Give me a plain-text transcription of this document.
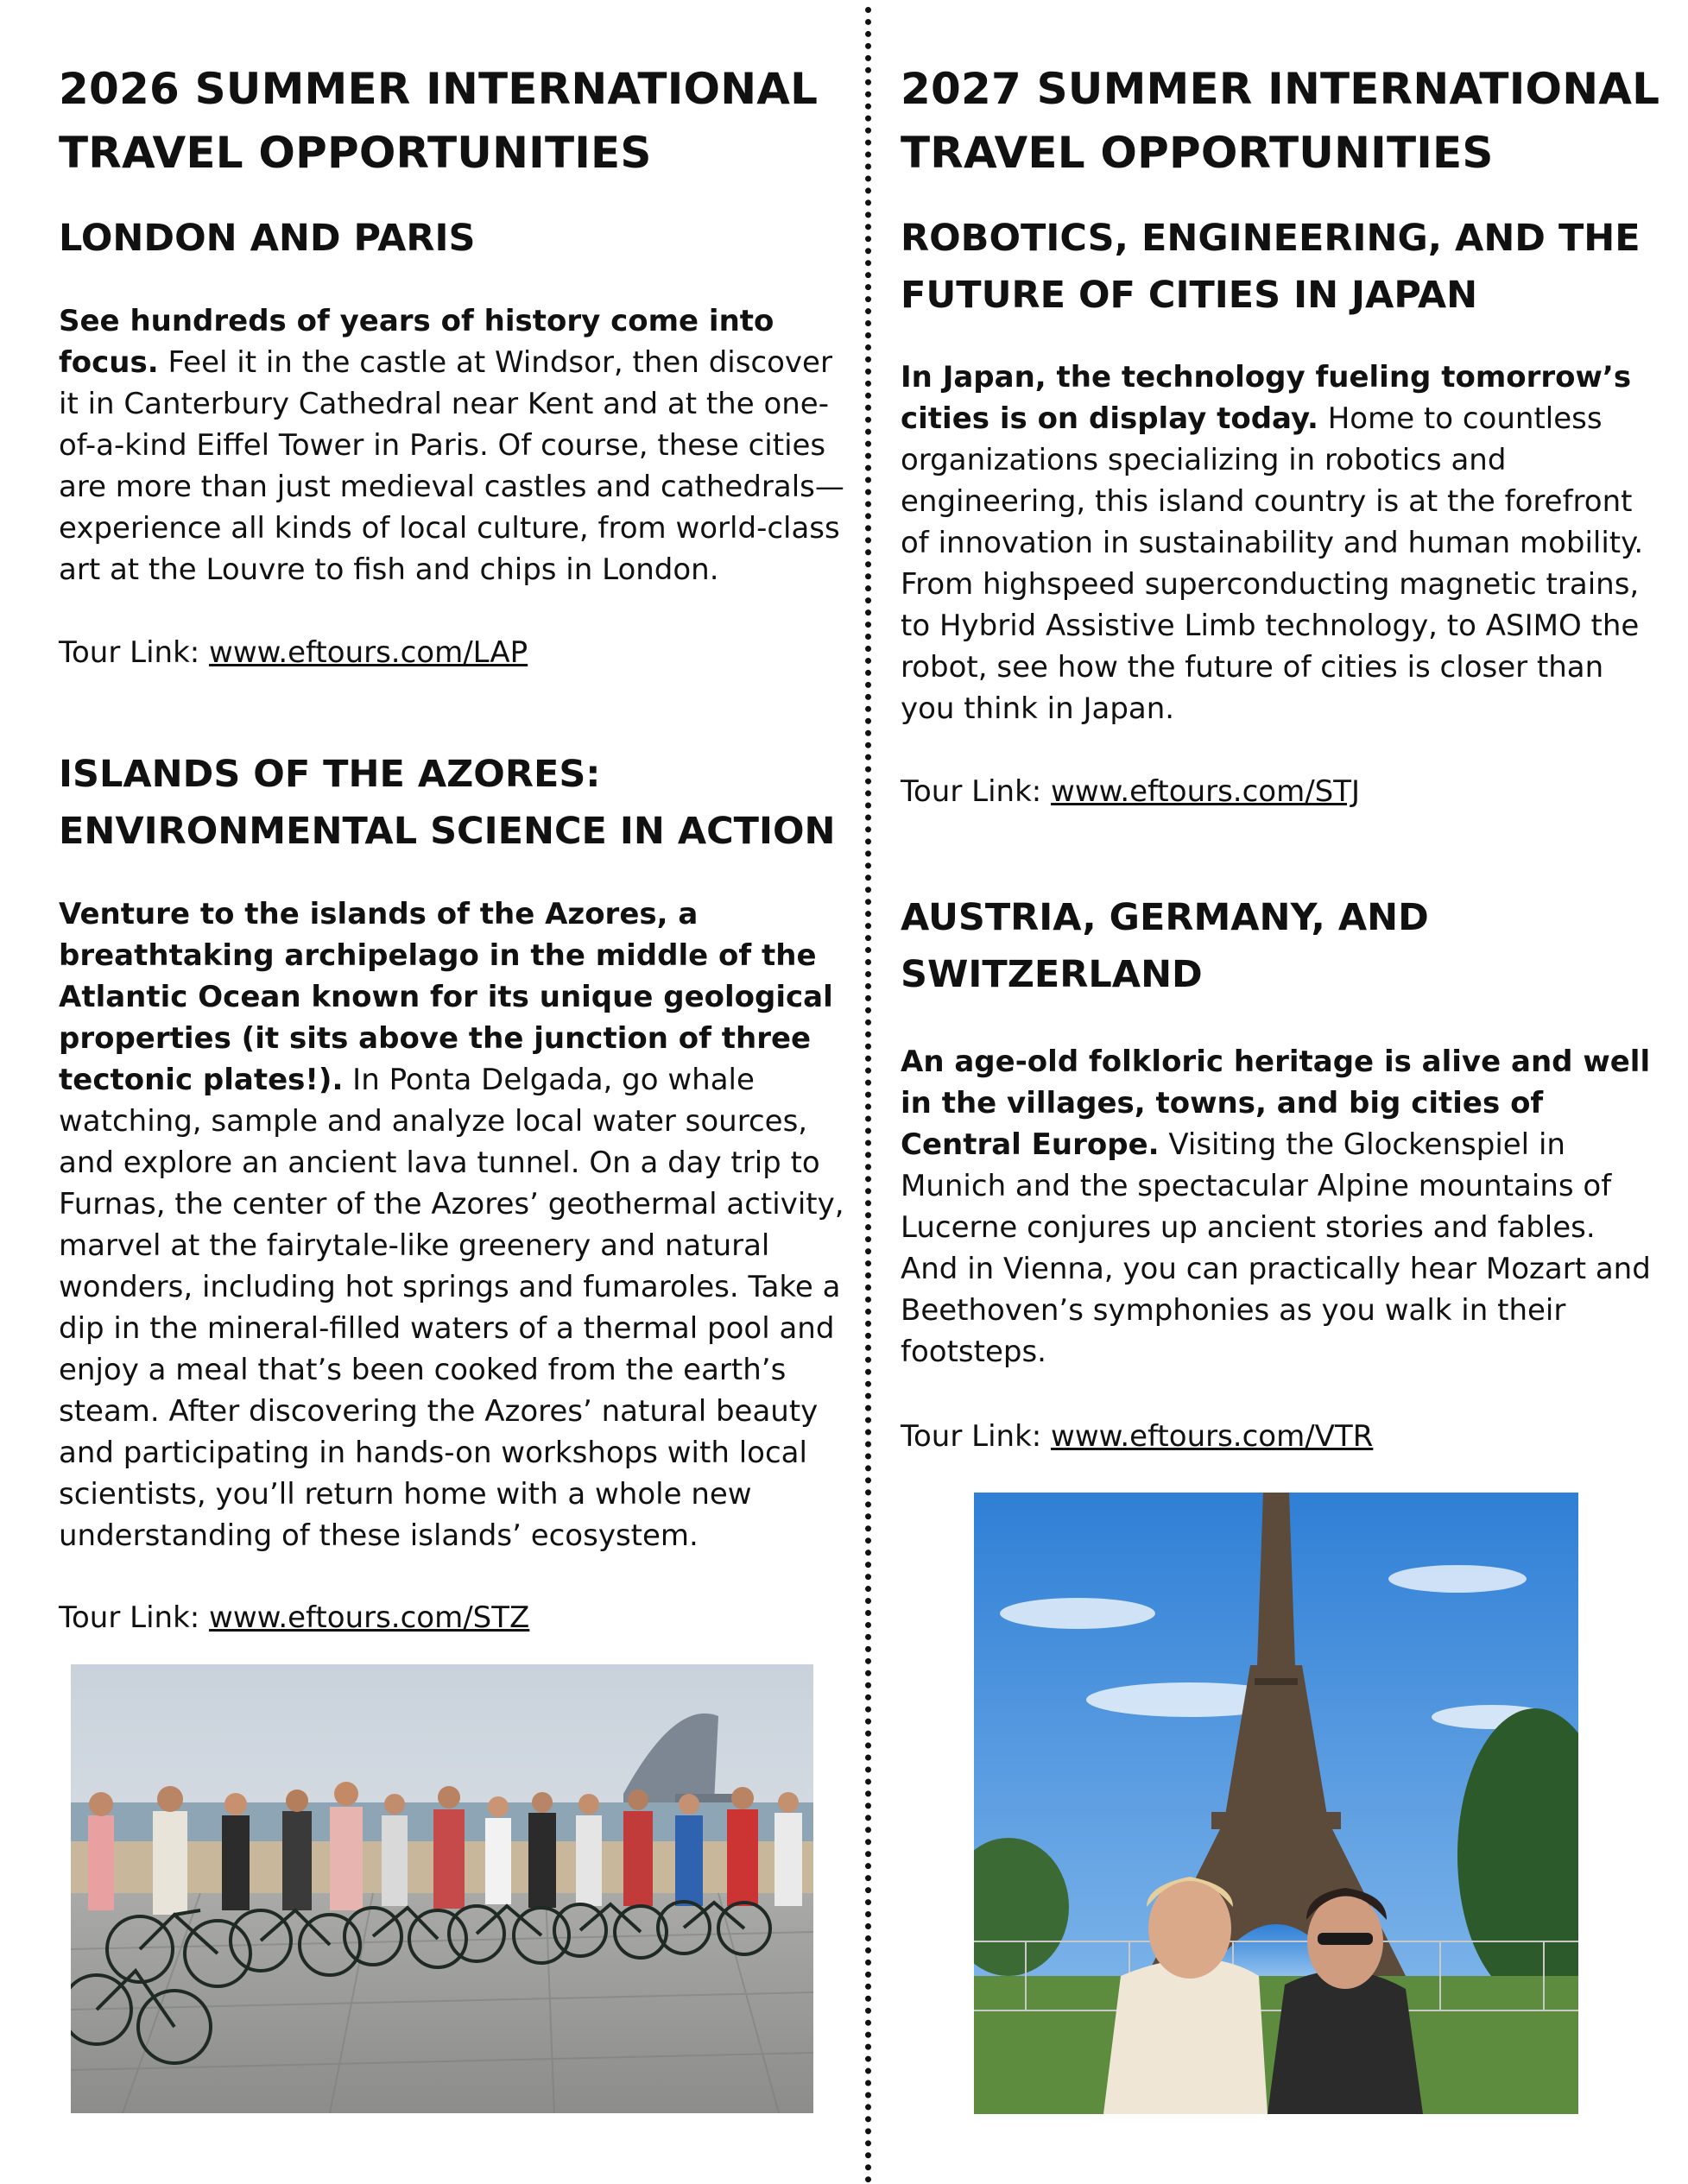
2026 SUMMER INTERNATIONAL TRAVEL OPPORTUNITIES
LONDON AND PARIS

See hundreds of years of history come into focus. Feel it in the castle at Windsor, then discover it in Canterbury Cathedral near Kent and at the one-of-a-kind Eiffel Tower in Paris. Of course, these cities are more than just medieval castles and cathedrals—experience all kinds of local culture, from world-class art at the Louvre to fish and chips in London.

Tour Link: www.eftours.com/LAP

ISLANDS OF THE AZORES: ENVIRONMENTAL SCIENCE IN ACTION

Venture to the islands of the Azores, a breathtaking archipelago in the middle of the Atlantic Ocean known for its unique geological properties (it sits above the junction of three tectonic plates!). In Ponta Delgada, go whale watching, sample and analyze local water sources, and explore an ancient lava tunnel. On a day trip to Furnas, the center of the Azores’ geothermal activity, marvel at the fairytale-like greenery and natural wonders, including hot springs and fumaroles. Take a dip in the mineral-filled waters of a thermal pool and enjoy a meal that’s been cooked from the earth’s steam. After discovering the Azores’ natural beauty and participating in hands-on workshops with local scientists, you’ll return home with a whole new understanding of these islands’ ecosystem.

Tour Link: www.eftours.com/STZ

2027 SUMMER INTERNATIONAL TRAVEL OPPORTUNITIES
ROBOTICS, ENGINEERING, AND THE FUTURE OF CITIES IN JAPAN

In Japan, the technology fueling tomorrow’s cities is on display today. Home to countless organizations specializing in robotics and engineering, this island country is at the forefront of innovation in sustainability and human mobility. From highspeed superconducting magnetic trains, to Hybrid Assistive Limb technology, to ASIMO the robot, see how the future of cities is closer than you think in Japan.

Tour Link: www.eftours.com/STJ

AUSTRIA, GERMANY, AND SWITZERLAND

An age-old folkloric heritage is alive and well in the villages, towns, and big cities of Central Europe. Visiting the Glockenspiel in Munich and the spectacular Alpine mountains of Lucerne conjures up ancient stories and fables. And in Vienna, you can practically hear Mozart and Beethoven’s symphonies as you walk in their footsteps.

Tour Link: www.eftours.com/VTR
